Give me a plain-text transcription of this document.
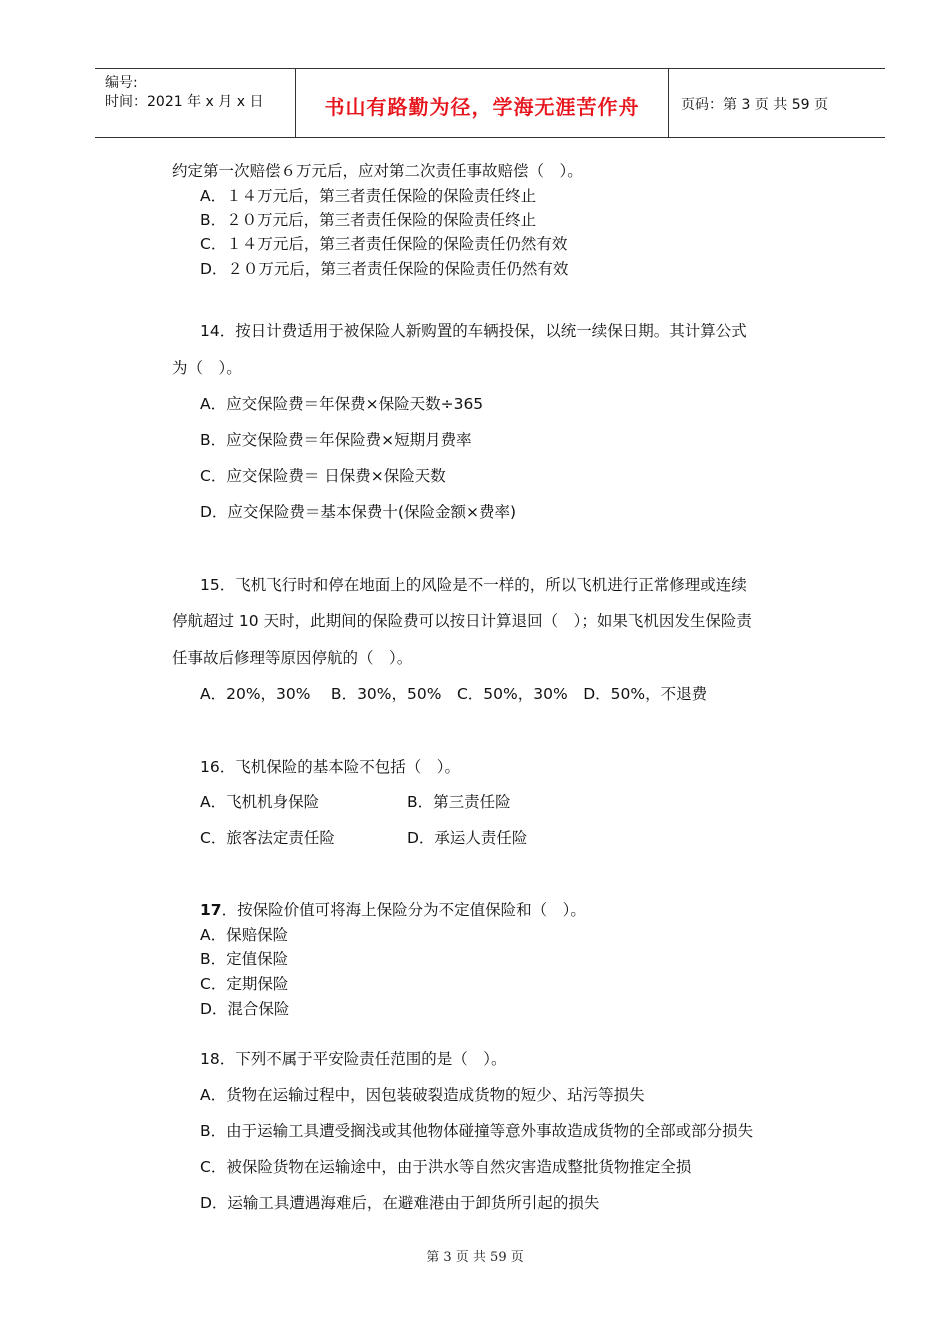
编号:
时间：2021 年 x 月 x 日	书山有路勤为径，学海无涯苦作舟	页码：第 3 页 共 59 页
约定第一次赔偿６万元后，应对第二次责任事故赔偿（　）。
A．１４万元后，第三者责任保险的保险责任终止
B．２０万元后，第三者责任保险的保险责任终止
C．１４万元后，第三者责任保险的保险责任仍然有效
D．２０万元后，第三者责任保险的保险责任仍然有效
14．按日计费适用于被保险人新购置的车辆投保，以统一续保日期。其计算公式
为（　）。
A．应交保险费＝年保费×保险天数÷365
B．应交保险费＝年保险费×短期月费率
C．应交保险费＝ 日保费×保险天数
D．应交保险费＝基本保费十(保险金额×费率)
15．飞机飞行时和停在地面上的风险是不一样的，所以飞机进行正常修理或连续
停航超过 10 天时，此期间的保险费可以按日计算退回（　）；如果飞机因发生保险责
任事故后修理等原因停航的（　）。
A．20%，30%　 B．30%，50%　C．50%，30%　D．50%，不退费
16．飞机保险的基本险不包括（　）。
A．飞机机身保险	B．第三责任险
C．旅客法定责任险	D．承运人责任险
17．按保险价值可将海上保险分为不定值保险和（　）。
A．保赔保险
B．定值保险
C．定期保险
D．混合保险
18．下列不属于平安险责任范围的是（　）。
A．货物在运输过程中，因包装破裂造成货物的短少、玷污等损失
B．由于运输工具遭受搁浅或其他物体碰撞等意外事故造成货物的全部或部分损失
C．被保险货物在运输途中，由于洪水等自然灾害造成整批货物推定全损
D．运输工具遭遇海难后，在避难港由于卸货所引起的损失
第 3 页 共 59 页
